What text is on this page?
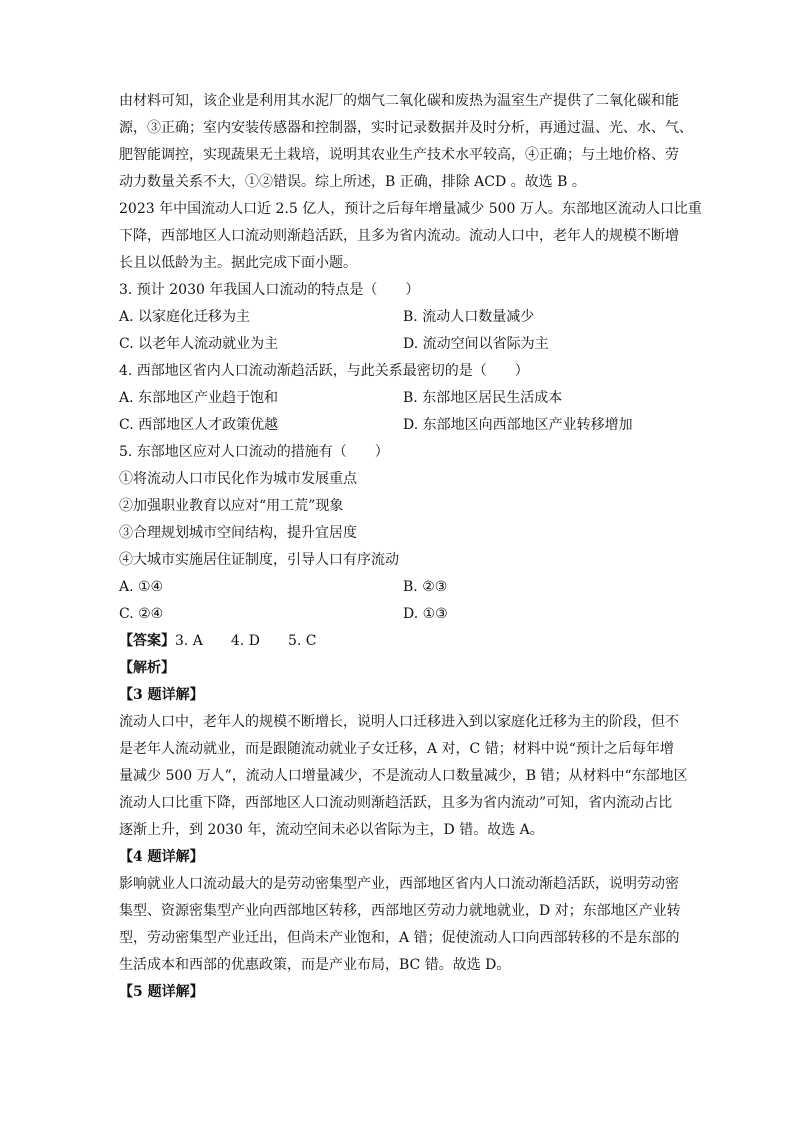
由材料可知，该企业是利用其水泥厂的烟气二氧化碳和废热为温室生产提供了二氧化碳和能
源，③正确；室内安装传感器和控制器，实时记录数据并及时分析，再通过温、光、水、气、
肥智能调控，实现蔬果无土栽培，说明其农业生产技术水平较高，④正确；与土地价格、劳
动力数量关系不大，①②错误。综上所述，B 正确，排除 ACD 。故选 B 。
2023 年中国流动人口近 2.5 亿人，预计之后每年增量减少 500 万人。东部地区流动人口比重
下降，西部地区人口流动则渐趋活跃，且多为省内流动。流动人口中，老年人的规模不断增
长且以低龄为主。据此完成下面小题。
3. 预计 2030 年我国人口流动的特点是（　　）
A. 以家庭化迁移为主	B. 流动人口数量减少
C. 以老年人流动就业为主	D. 流动空间以省际为主
4. 西部地区省内人口流动渐趋活跃，与此关系最密切的是（　　）
A. 东部地区产业趋于饱和	B. 东部地区居民生活成本
C. 西部地区人才政策优越	D. 东部地区向西部地区产业转移增加
5. 东部地区应对人口流动的措施有（　　）
①将流动人口市民化作为城市发展重点
②加强职业教育以应对“用工荒”现象
③合理规划城市空间结构，提升宜居度
④大城市实施居住证制度，引导人口有序流动
A. ①④	B. ②③
C. ②④	D. ①③
【答案】3. A　　4. D　　5. C
【解析】
【3 题详解】
流动人口中，老年人的规模不断增长，说明人口迁移进入到以家庭化迁移为主的阶段，但不
是老年人流动就业，而是跟随流动就业子女迁移，A 对，C 错；材料中说“预计之后每年增
量减少 500 万人”，流动人口增量减少，不是流动人口数量减少，B 错；从材料中“东部地区
流动人口比重下降，西部地区人口流动则渐趋活跃，且多为省内流动”可知，省内流动占比
逐渐上升，到 2030 年，流动空间未必以省际为主，D 错。故选 A。
【4 题详解】
影响就业人口流动最大的是劳动密集型产业，西部地区省内人口流动渐趋活跃，说明劳动密
集型、资源密集型产业向西部地区转移，西部地区劳动力就地就业，D 对；东部地区产业转
型，劳动密集型产业迁出，但尚未产业饱和，A 错；促使流动人口向西部转移的不是东部的
生活成本和西部的优惠政策，而是产业布局，BC 错。故选 D。
【5 题详解】
